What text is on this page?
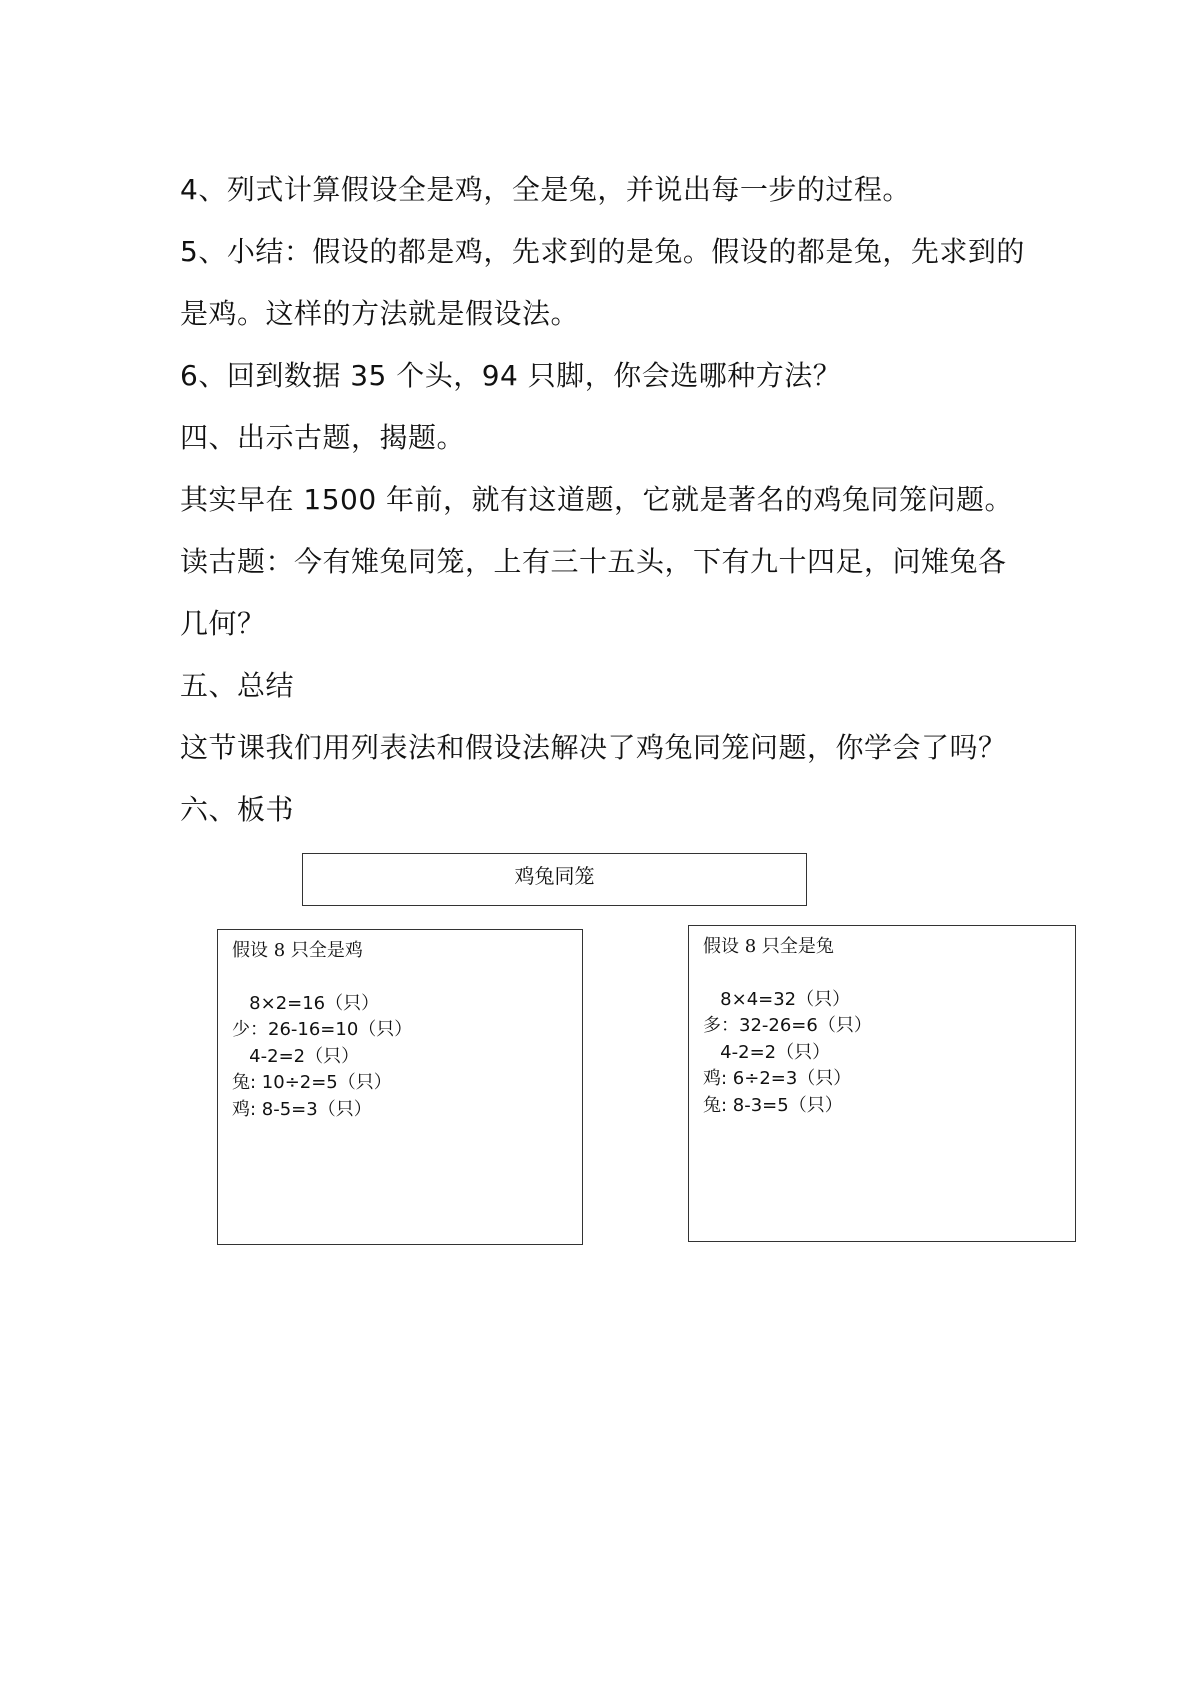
4、列式计算假设全是鸡，全是兔，并说出每一步的过程。
5、小结：假设的都是鸡，先求到的是兔。假设的都是兔，先求到的
是鸡。这样的方法就是假设法。
6、回到数据 35 个头，94 只脚，你会选哪种方法？
四、出示古题，揭题。
其实早在 1500 年前，就有这道题，它就是著名的鸡兔同笼问题。
读古题：今有雉兔同笼，上有三十五头，下有九十四足，问雉兔各
几何？
五、总结
这节课我们用列表法和假设法解决了鸡兔同笼问题，你学会了吗？
六、板书
鸡兔同笼
假设 8 只全是鸡
8×2=16（只）
少：26-16=10（只）
4-2=2（只）
兔: 10÷2=5（只）
鸡: 8-5=3（只）
假设 8 只全是兔
8×4=32（只）
多：32-26=6（只）
4-2=2（只）
鸡: 6÷2=3（只）
兔: 8-3=5（只）
